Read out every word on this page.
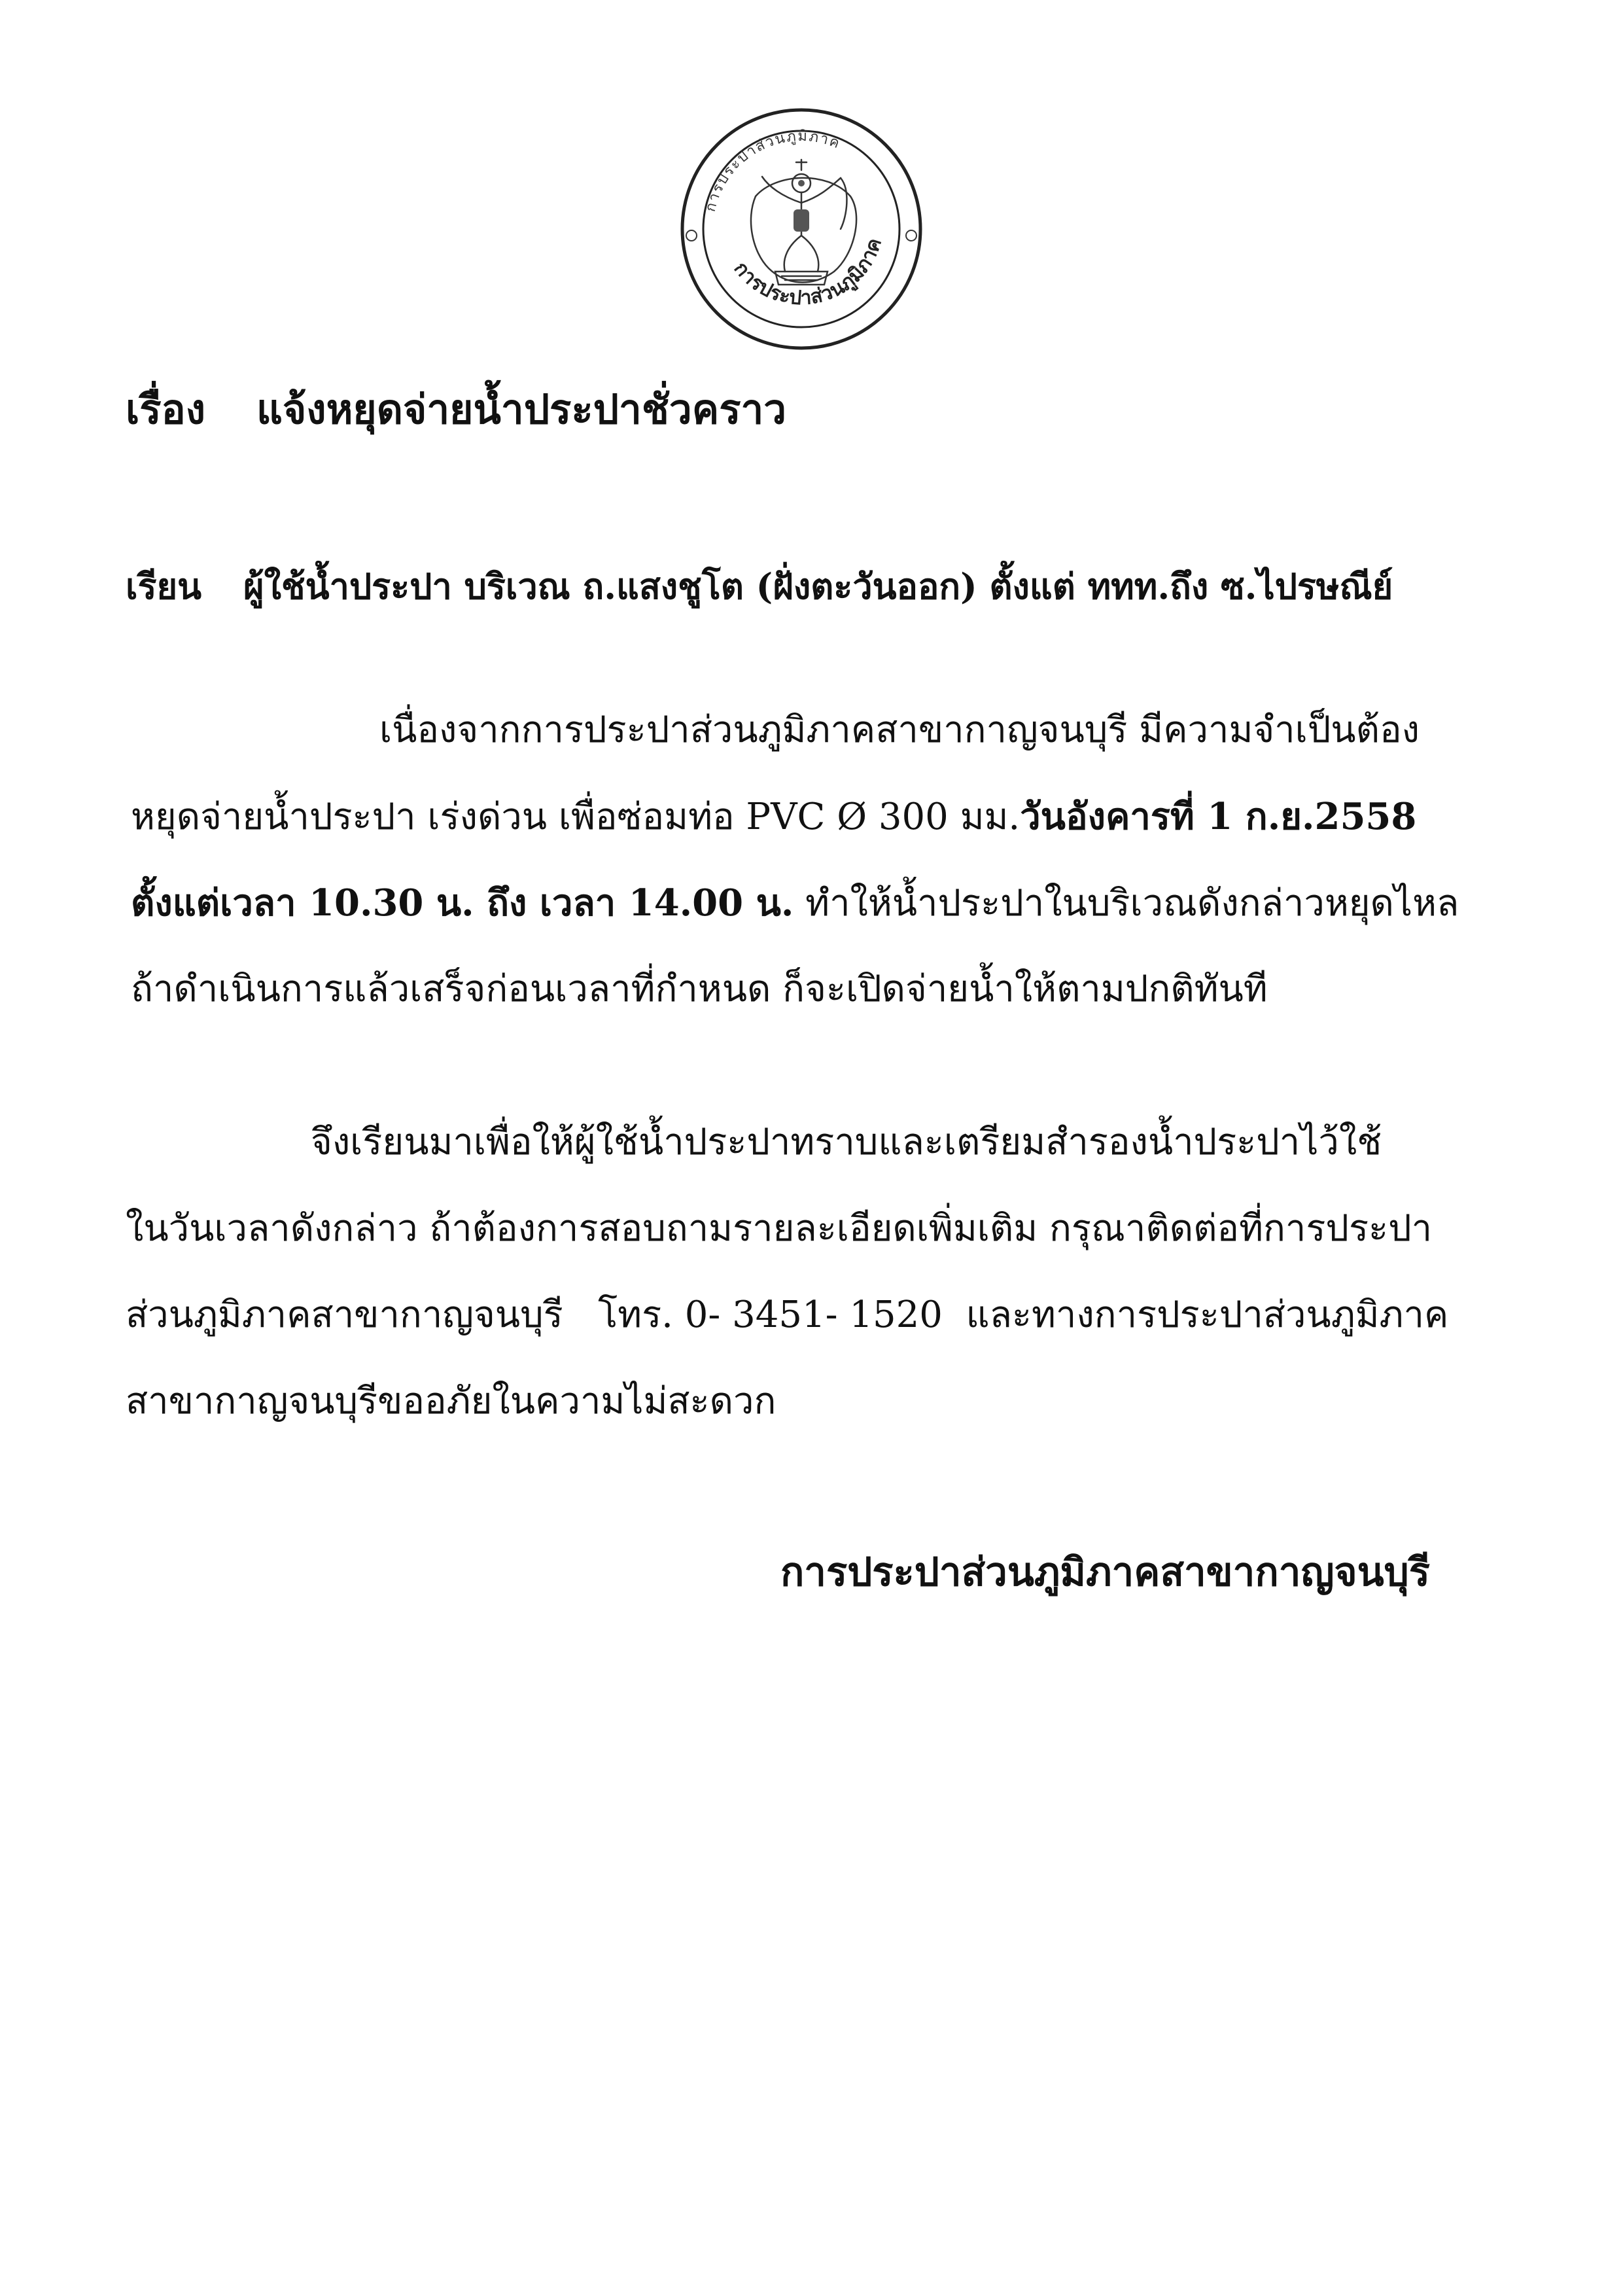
การประปาส่วนภูมิภาค
การประปาส่วนภูมิภาค
เรื่อง แจ้งหยุดจ่ายน้ำประปาชั่วคราว
เรียน ผู้ใช้น้ำประปา บริเวณ ถ.แสงชูโต (ฝั่งตะวันออก) ตั้งแต่ ททท.ถึง ซ.ไปรษณีย์
เนื่องจากการประปาส่วนภูมิภาคสาขากาญจนบุรี มีความจำเป็นต้อง
หยุดจ่ายน้ำประปา เร่งด่วน เพื่อซ่อมท่อ PVC Ø 300 มม.วันอังคารที่ 1 ก.ย.2558
ตั้งแต่เวลา 10.30 น. ถึง เวลา 14.00 น. ทำให้น้ำประปาในบริเวณดังกล่าวหยุดไหล
ถ้าดำเนินการแล้วเสร็จก่อนเวลาที่กำหนด ก็จะเปิดจ่ายน้ำให้ตามปกติทันที
จึงเรียนมาเพื่อให้ผู้ใช้น้ำประปาทราบและเตรียมสำรองน้ำประปาไว้ใช้
ในวันเวลาดังกล่าว ถ้าต้องการสอบถามรายละเอียดเพิ่มเติม กรุณาติดต่อที่การประปา
ส่วนภูมิภาคสาขากาญจนบุรี   โทร. 0- 3451- 1520  และทางการประปาส่วนภูมิภาค
สาขากาญจนบุรีขออภัยในความไม่สะดวก
การประปาส่วนภูมิภาคสาขากาญจนบุรี
